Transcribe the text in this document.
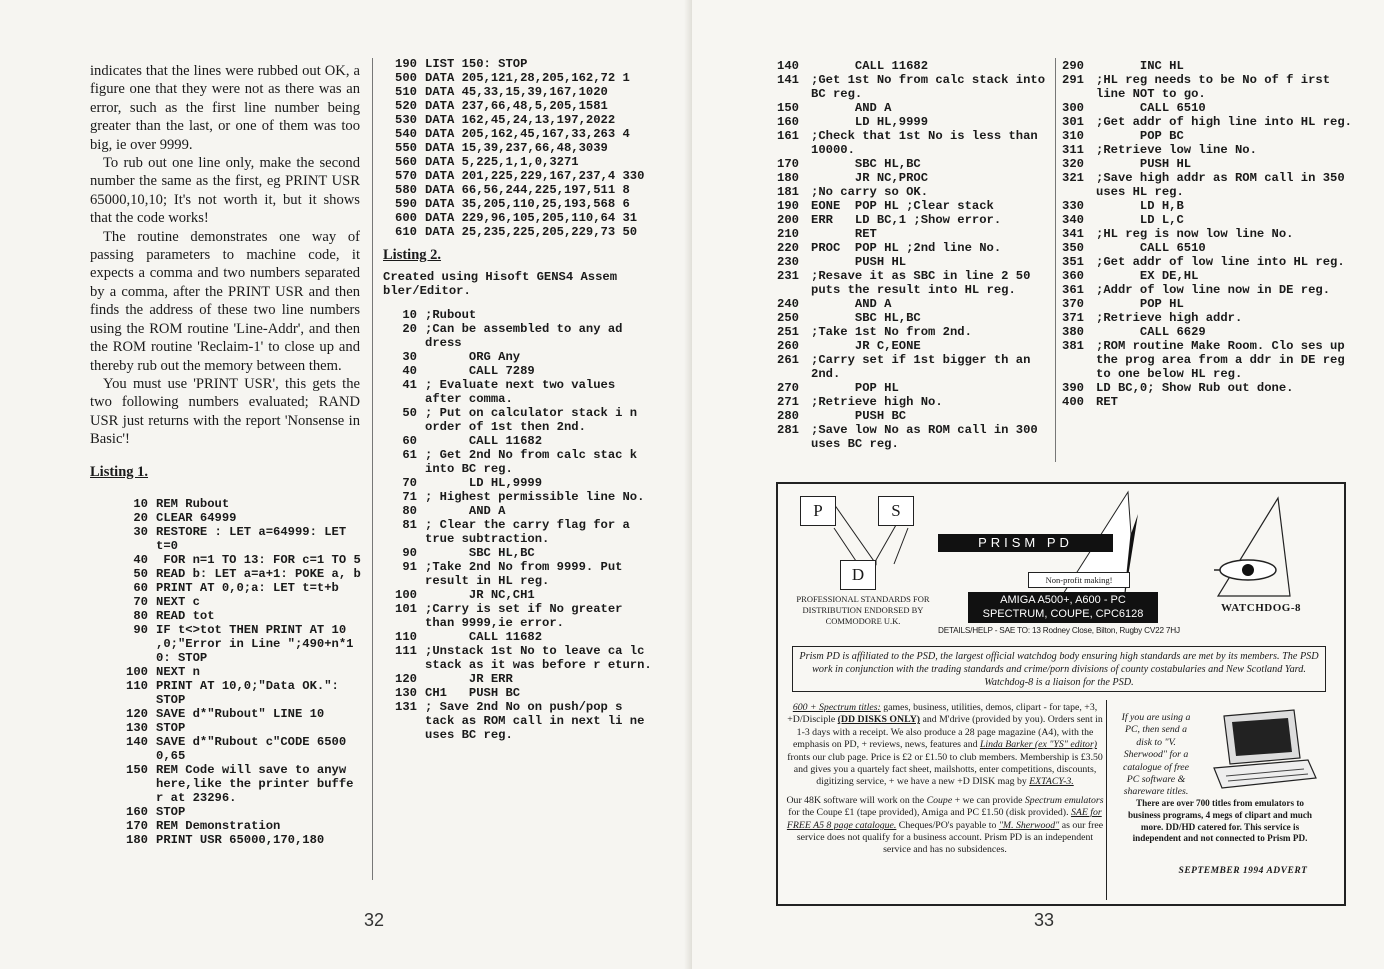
indicates that the lines were rubbed out OK, a figure one that they were not as there was an error, such as the first line number being greater than the last, or one of them was too big, ie over 9999.

To rub out one line only, make the second number the same as the first, eg PRINT USR 65000,10,10; It's not worth it, but it shows that the code works!

The routine demonstrates one way of passing parameters to machine code, it expects a comma and two numbers separated by a comma, after the PRINT USR and then finds the address of these two line numbers using the ROM routine 'Line-Addr', and then the ROM routine 'Reclaim-1' to close up and thereby rub out the memory between them.

You must use 'PRINT USR', this gets the two following numbers evaluated; RAND USR just returns with the report 'Nonsense in Basic'!

Listing 1.

10 REM Rubout
20 CLEAR 64999
30 RESTORE : LET a=64999: LET t=0
40 FOR n=1 TO 13: FOR c=1 TO 5
50 READ b: LET a=a+1: POKE a, b
60 PRINT AT 0,0;a: LET t=t+b
70 NEXT c
80 READ tot
90 IF t<>tot THEN PRINT AT 10 ,0;"Error in Line ";490+n*1 0: STOP
100 NEXT n
110 PRINT AT 10,0;"Data OK.": STOP
120 SAVE d*"Rubout" LINE 10
130 STOP
140 SAVE d*"Rubout c"CODE 6500 0,65
150 REM Code will save to anyw here,like the printer buffe r at 23296.
160 STOP
170 REM Demonstration
180 PRINT USR 65000,170,180
190 LIST 150: STOP
500 DATA 205,121,28,205,162,72 1
510 DATA 45,33,15,39,167,1020
520 DATA 237,66,48,5,205,1581
530 DATA 162,45,24,13,197,2022
540 DATA 205,162,45,167,33,263 4
550 DATA 15,39,237,66,48,3039
560 DATA 5,225,1,1,0,3271
570 DATA 201,225,229,167,237,4 330
580 DATA 66,56,244,225,197,511 8
590 DATA 35,205,110,25,193,568 6
600 DATA 229,96,105,205,110,64 31
610 DATA 25,235,225,205,229,73 50

Listing 2.

Created using Hisoft GENS4 Assem bler/Editor.
10 ;Rubout
20 ;Can be assembled to any ad dress
30 ORG Any
40 CALL 7289
41 ; Evaluate next two values after comma.
50 ; Put on calculator stack i n order of 1st then 2nd.
60 CALL 11682
61 ; Get 2nd No from calc stac k into BC reg.
70 LD HL,9999
71 ; Highest permissible line No.
80 AND A
81 ; Clear the carry flag for a true subtraction.
90 SBC HL,BC
91 ;Take 2nd No from 9999. Put result in HL reg.
100 JR NC,CH1
101 ;Carry is set if No greater than 9999,ie error.
110 CALL 11682
111 ;Unstack 1st No to leave ca lc stack as it was before r eturn.
120 JR ERR
130 CH1   PUSH BC
131 ; Save 2nd No on push/pop s tack as ROM call in next li ne uses BC reg.
32
140 CALL 11682
141 ;Get 1st No from calc stack into BC reg.
150 AND A
160 LD HL,9999
161 ;Check that 1st No is less than 10000.
170 SBC HL,BC
180 JR NC,PROC
181 ;No carry so OK.
190 EONE  POP HL ;Clear stack
200 ERR   LD BC,1 ;Show error.
210 RET
220 PROC  POP HL ;2nd line No.
230 PUSH HL
231 ;Resave it as SBC in line 2 50 puts the result into HL reg.
240 AND A
250 SBC HL,BC
251 ;Take 1st No from 2nd.
260 JR C,EONE
261 ;Carry set if 1st bigger th an 2nd.
270 POP HL
271 ;Retrieve high No.
280 PUSH BC
281 ;Save low No as ROM call in 300 uses BC reg.
290 INC HL
291 ;HL reg needs to be No of f irst line NOT to go.
300 CALL 6510
301 ;Get addr of high line into HL reg.
310 POP BC
311 ;Retrieve low line No.
320 PUSH HL
321 ;Save high addr as ROM call in 350 uses HL reg.
330 LD H,B
340 LD L,C
341 ;HL reg is now low line No.
350 CALL 6510
351 ;Get addr of low line into HL reg.
360 EX DE,HL
361 ;Addr of low line now in DE reg.
370 POP HL
371 ;Retrieve high addr.
380 CALL 6629
381 ;ROM routine Make Room. Clo ses up the prog area from a ddr in DE reg to one below HL reg.
390 LD BC,0; Show Rub out done.
400 RET
P	S
D
PROFESSIONAL STANDARDS FOR DISTRIBUTION ENDORSED BY COMMODORE U.K.
PRISM PD
Non-profit making!
AMIGA A500+, A600 - PC
SPECTRUM, COUPE, CPC6128	WATCHDOG-8
DETAILS/HELP - SAE TO: 13 Rodney Close, Bilton, Rugby CV22 7HJ
Prism PD is affiliated to the PSD, the largest official watchdog body ensuring high standards are met by its members. The PSD work in conjunction with the trading standards and crime/porn divisions of county costabularies and New Scotland Yard. Watchdog-8 is a liaison for the PSD.

600 + Spectrum titles: games, business, utilities, demos, clipart - for tape, +3, +D/Disciple (DD DISKS ONLY) and M'drive (provided by you). Orders sent in 1-3 days with a receipt. We also produce a 28 page magazine (A4), with the emphasis on PD, + reviews, news, features and Linda Barker (ex "YS" editor) fronts our club page. Price is £2 or £1.50 to club members. Membership is £3.50 and gives you a quartely fact sheet, mailshotts, enter competitions, discounts, digitizing service, + we have a new +D DISK mag by EXTACY-3.

Our 48K software will work on the Coupe + we can provide Spectrum emulators for the Coupe £1 (tape provided), Amiga and PC £1.50 (disk provided). SAE for FREE A5 8 page catalogue. Cheques/PO's payable to "M. Sherwood" as our free service does not qualify for a business account. Prism PD is an independent service and has no subsidences.

If you are using a PC, then send a disk to "V. Sherwood" for a catalogue of free PC software & shareware titles.
There are over 700 titles from emulators to business programs, 4 megs of clipart and much more. DD/HD catered for. This service is independent and not connected to Prism PD.
SEPTEMBER 1994 ADVERT
33
